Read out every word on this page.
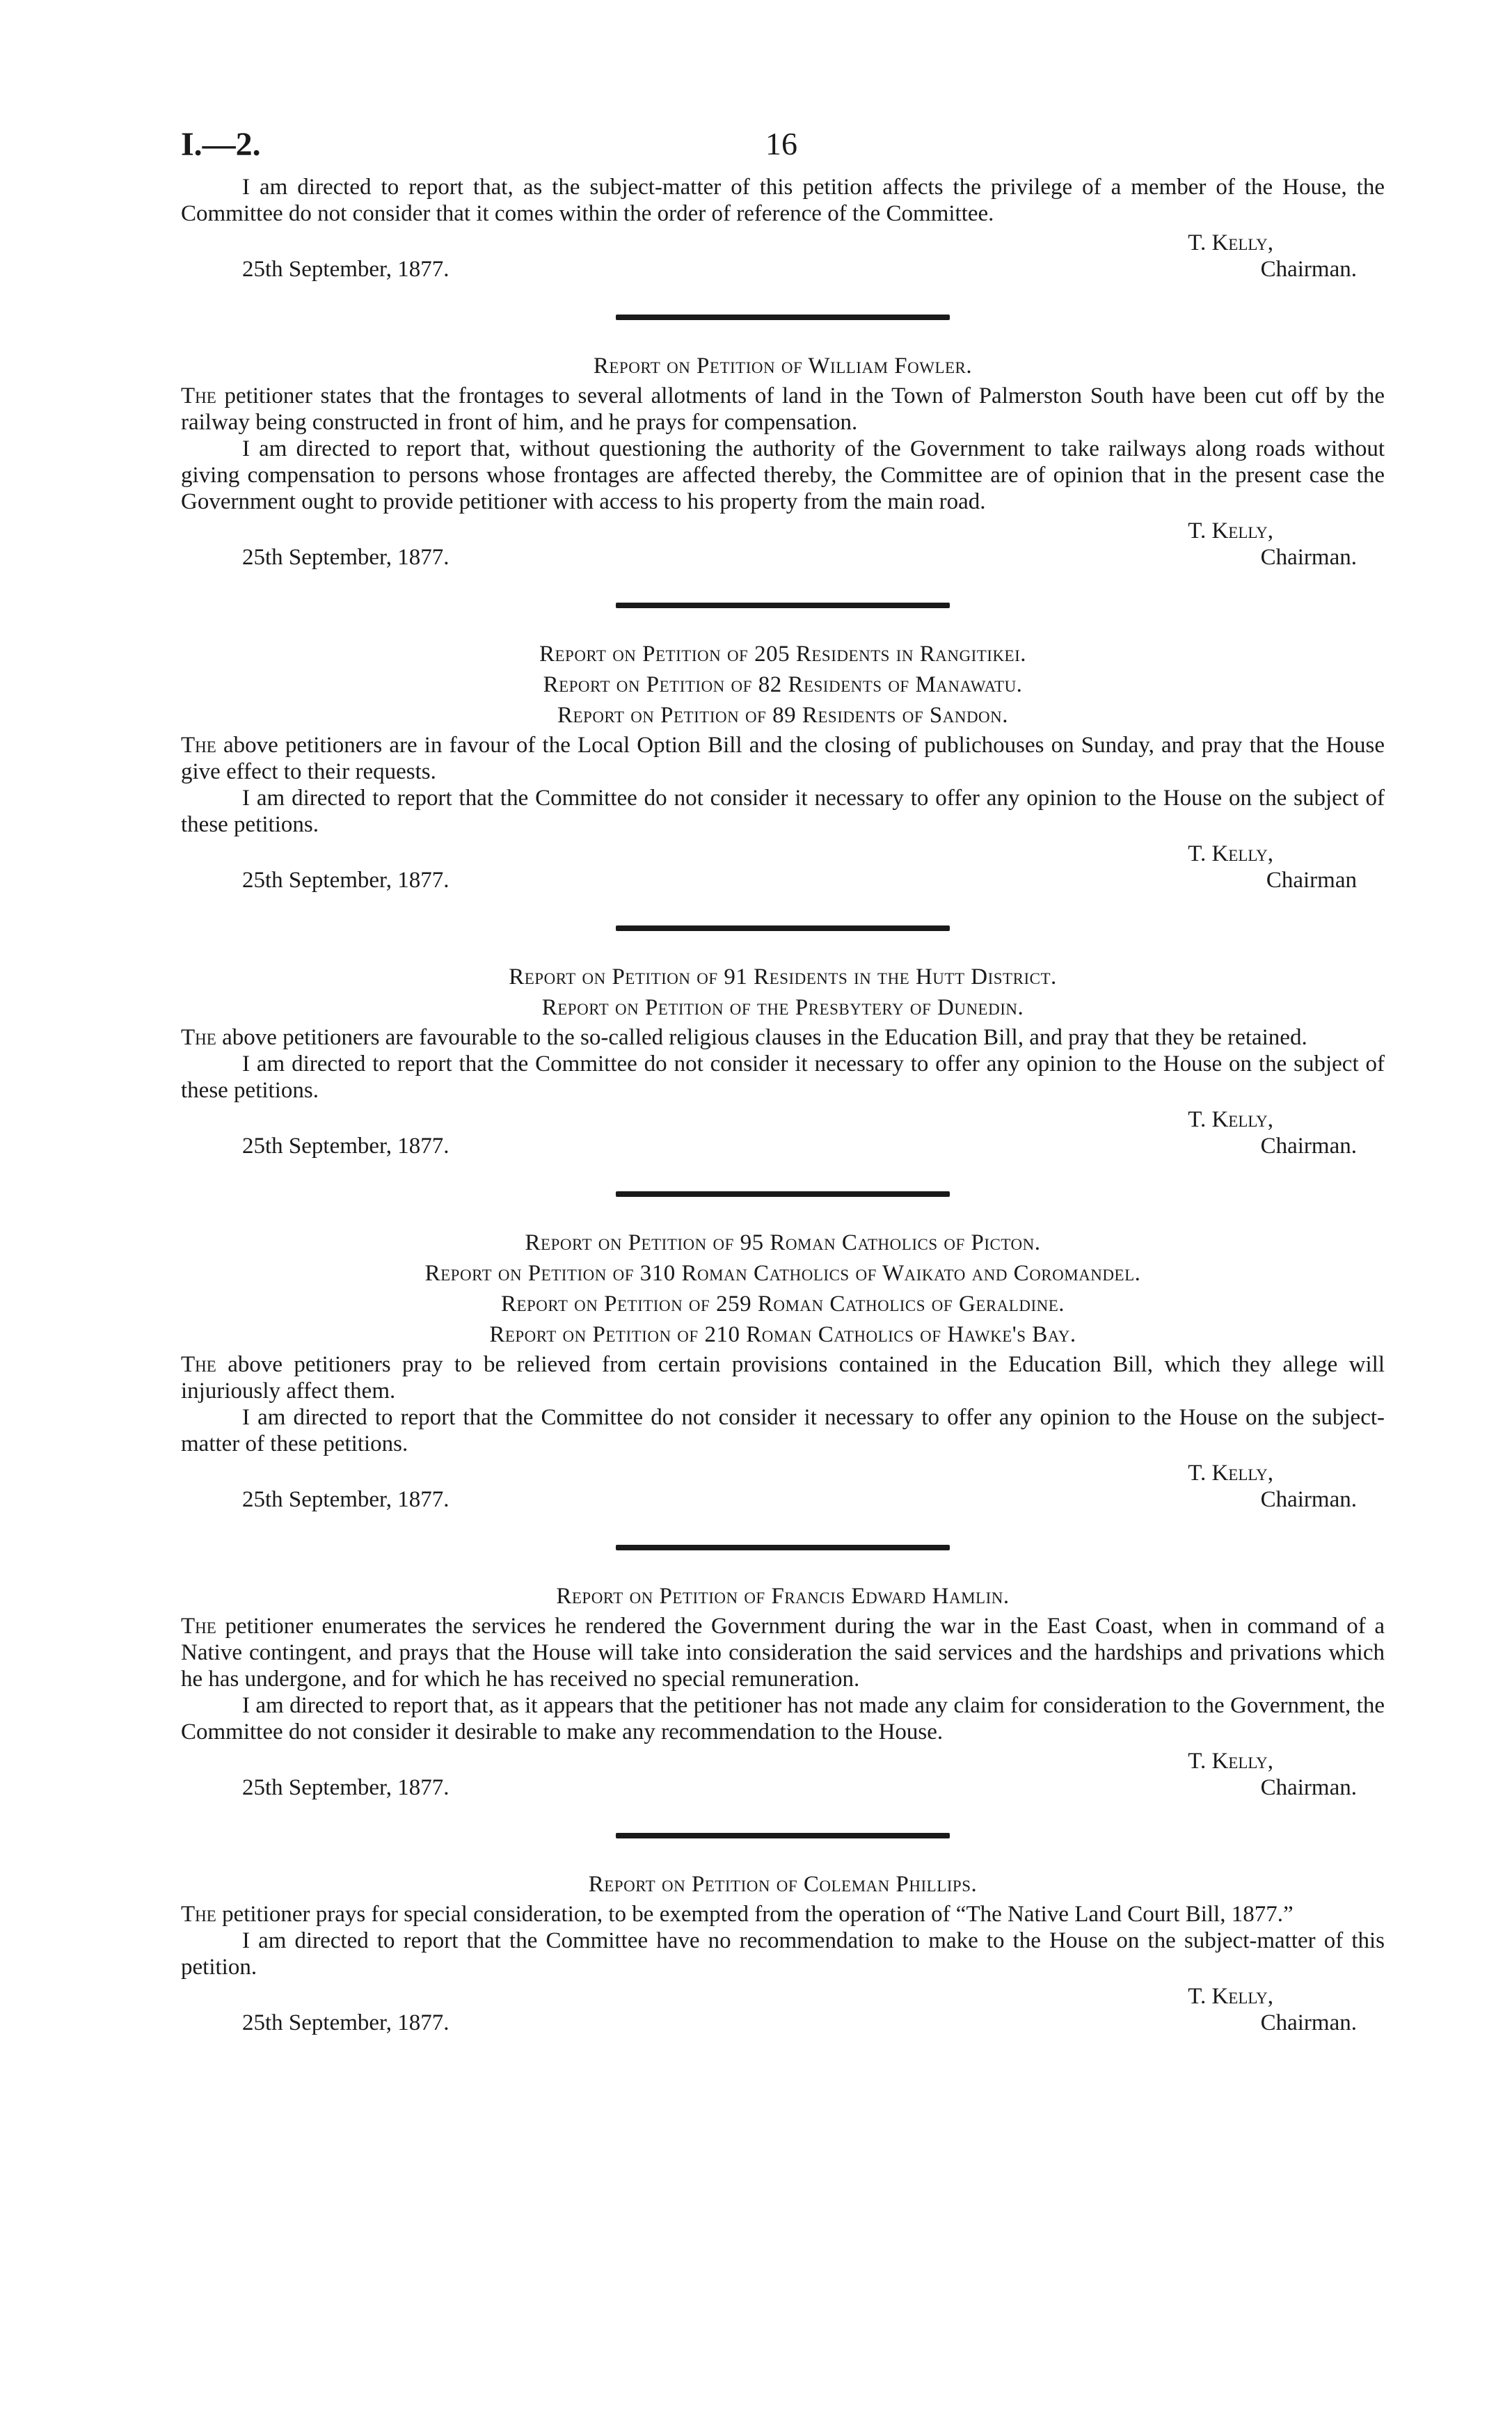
I.—2.	16

I am directed to report that, as the subject-matter of this petition affects the privilege of a member of the House, the Committee do not consider that it comes within the order of reference of the Committee.

T. Kelly,
25th September, 1877.	Chairman.
Report on Petition of William Fowler.

The petitioner states that the frontages to several allotments of land in the Town of Palmerston South have been cut off by the railway being constructed in front of him, and he prays for compensation.

I am directed to report that, without questioning the authority of the Government to take railways along roads without giving compensation to persons whose frontages are affected thereby, the Committee are of opinion that in the present case the Government ought to provide petitioner with access to his property from the main road.

T. Kelly,
25th September, 1877.	Chairman.
Report on Petition of 205 Residents in Rangitikei.
Report on Petition of 82 Residents of Manawatu.
Report on Petition of 89 Residents of Sandon.

The above petitioners are in favour of the Local Option Bill and the closing of publichouses on Sunday, and pray that the House give effect to their requests.

I am directed to report that the Committee do not consider it necessary to offer any opinion to the House on the subject of these petitions.

T. Kelly,
25th September, 1877.	Chairman
Report on Petition of 91 Residents in the Hutt District.
Report on Petition of the Presbytery of Dunedin.

The above petitioners are favourable to the so-called religious clauses in the Education Bill, and pray that they be retained.

I am directed to report that the Committee do not consider it necessary to offer any opinion to the House on the subject of these petitions.

T. Kelly,
25th September, 1877.	Chairman.
Report on Petition of 95 Roman Catholics of Picton.
Report on Petition of 310 Roman Catholics of Waikato and Coromandel.
Report on Petition of 259 Roman Catholics of Geraldine.
Report on Petition of 210 Roman Catholics of Hawke's Bay.

The above petitioners pray to be relieved from certain provisions contained in the Education Bill, which they allege will injuriously affect them.

I am directed to report that the Committee do not consider it necessary to offer any opinion to the House on the subject-matter of these petitions.

T. Kelly,
25th September, 1877.	Chairman.
Report on Petition of Francis Edward Hamlin.

The petitioner enumerates the services he rendered the Government during the war in the East Coast, when in command of a Native contingent, and prays that the House will take into consideration the said services and the hardships and privations which he has undergone, and for which he has received no special remuneration.

I am directed to report that, as it appears that the petitioner has not made any claim for consideration to the Government, the Committee do not consider it desirable to make any recommendation to the House.

T. Kelly,
25th September, 1877.	Chairman.
Report on Petition of Coleman Phillips.

The petitioner prays for special consideration, to be exempted from the operation of “The Native Land Court Bill, 1877.”

I am directed to report that the Committee have no recommendation to make to the House on the subject-matter of this petition.

T. Kelly,
25th September, 1877.	Chairman.
